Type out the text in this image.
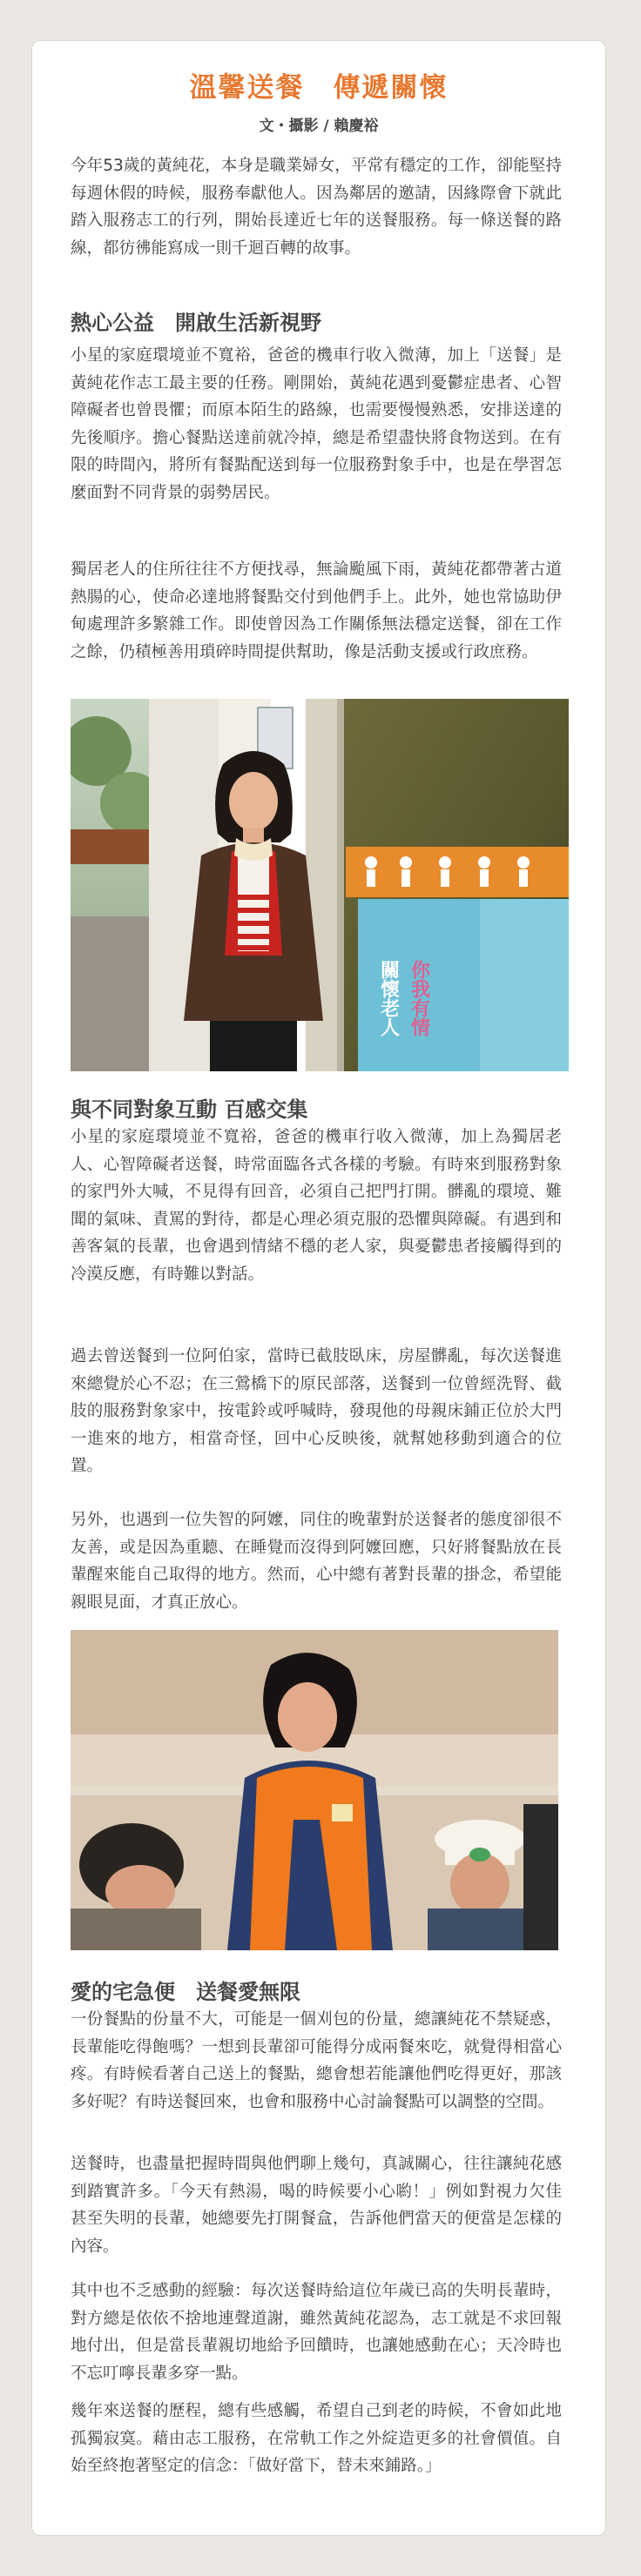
溫馨送餐　傳遞關懷
文・攝影 / 賴慶裕
今年53歲的黃純花，本身是職業婦女，平常有穩定的工作，卻能堅持每週休假的時候，服務奉獻他人。因為鄰居的邀請，因緣際會下就此踏入服務志工的行列，開始長達近七年的送餐服務。每一條送餐的路線，都彷彿能寫成一則千迴百轉的故事。
熱心公益　開啟生活新視野
小星的家庭環境並不寬裕，爸爸的機車行收入微薄，加上「送餐」是黃純花作志工最主要的任務。剛開始，黃純花遇到憂鬱症患者、心智障礙者也曾畏懼；而原本陌生的路線，也需要慢慢熟悉，安排送達的先後順序。擔心餐點送達前就冷掉，總是希望盡快將食物送到。在有限的時間內，將所有餐點配送到每一位服務對象手中，也是在學習怎麼面對不同背景的弱勢居民。
獨居老人的住所往往不方便找尋，無論颱風下雨，黃純花都帶著古道熱腸的心，使命必達地將餐點交付到他們手上。此外，她也常協助伊甸處理許多繁雜工作。即使曾因為工作關係無法穩定送餐，卻在工作之餘，仍積極善用瑣碎時間提供幫助，像是活動支援或行政庶務。
你我有情
關懷老人
與不同對象互動 百感交集
小星的家庭環境並不寬裕，爸爸的機車行收入微薄，加上為獨居老人、心智障礙者送餐，時常面臨各式各樣的考驗。有時來到服務對象的家門外大喊，不見得有回音，必須自己把門打開。髒亂的環境、難聞的氣味、責罵的對待，都是心理必須克服的恐懼與障礙。有遇到和善客氣的長輩，也會遇到情緒不穩的老人家，與憂鬱患者接觸得到的冷漠反應，有時難以對話。
過去曾送餐到一位阿伯家，當時已截肢臥床，房屋髒亂，每次送餐進來總覺於心不忍；在三鶯橋下的原民部落，送餐到一位曾經洗腎、截肢的服務對象家中，按電鈴或呼喊時，發現他的母親床鋪正位於大門一進來的地方，相當奇怪，回中心反映後，就幫她移動到適合的位置。
另外，也遇到一位失智的阿嬤，同住的晚輩對於送餐者的態度卻很不友善，或是因為重聽、在睡覺而沒得到阿嬤回應，只好將餐點放在長輩醒來能自己取得的地方。然而，心中總有著對長輩的掛念，希望能親眼見面，才真正放心。
愛的宅急便　送餐愛無限
一份餐點的份量不大，可能是一個刈包的份量，總讓純花不禁疑惑，長輩能吃得飽嗎？一想到長輩卻可能得分成兩餐來吃，就覺得相當心疼。有時候看著自己送上的餐點，總會想若能讓他們吃得更好，那該多好呢？有時送餐回來，也會和服務中心討論餐點可以調整的空間。
送餐時，也盡量把握時間與他們聊上幾句，真誠關心，往往讓純花感到踏實許多。「今天有熱湯，喝的時候要小心喲！」例如對視力欠佳甚至失明的長輩，她總要先打開餐盒，告訴他們當天的便當是怎樣的內容。
其中也不乏感動的經驗：每次送餐時給這位年歲已高的失明長輩時，對方總是依依不捨地連聲道謝，雖然黃純花認為，志工就是不求回報地付出，但是當長輩親切地給予回饋時，也讓她感動在心；天冷時也不忘叮嚀長輩多穿一點。
幾年來送餐的歷程，總有些感觸，希望自己到老的時候，不會如此地孤獨寂寞。藉由志工服務，在常軌工作之外綻造更多的社會價值。自始至終抱著堅定的信念：「做好當下，替未來鋪路。」
